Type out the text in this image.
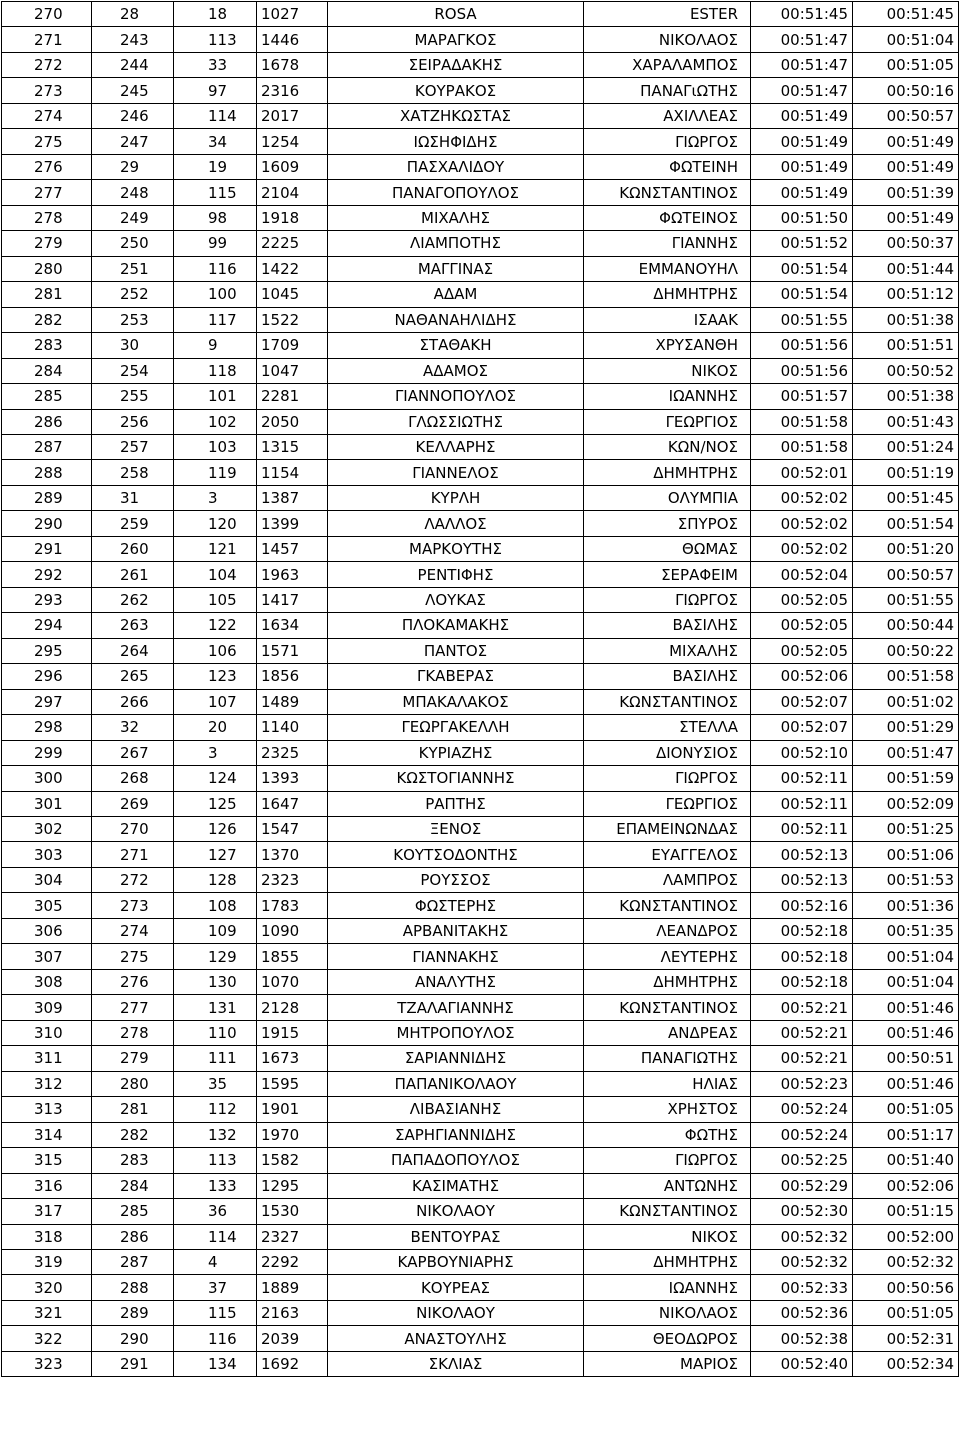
270	28	18	1027	ROSA	ESTER	00:51:45	00:51:45
271	243	113	1446	ΜΑΡΑΓΚΟΣ	ΝΙΚΟΛΑΟΣ	00:51:47	00:51:04
272	244	33	1678	ΣΕΙΡΑΔΑΚΗΣ	ΧΑΡΑΛΑΜΠΟΣ	00:51:47	00:51:05
273	245	97	2316	ΚΟΥΡΑΚΟΣ	ΠΑΝΑΓιΩΤΗΣ	00:51:47	00:50:16
274	246	114	2017	ΧΑΤΖΗΚΩΣΤΑΣ	ΑΧΙΛΛΕΑΣ	00:51:49	00:50:57
275	247	34	1254	ΙΩΣΗΦΙΔΗΣ	ΓΙΩΡΓΟΣ	00:51:49	00:51:49
276	29	19	1609	ΠΑΣΧΑΛΙΔΟΥ	ΦΩΤΕΙΝΗ	00:51:49	00:51:49
277	248	115	2104	ΠΑΝΑΓΟΠΟΥΛΟΣ	ΚΩΝΣΤΑΝΤΙΝΟΣ	00:51:49	00:51:39
278	249	98	1918	ΜΙΧΑΛΗΣ	ΦΩΤΕΙΝΟΣ	00:51:50	00:51:49
279	250	99	2225	ΛΙΑΜΠΟΤΗΣ	ΓΙΑΝΝΗΣ	00:51:52	00:50:37
280	251	116	1422	ΜΑΓΓΙΝΑΣ	ΕΜΜΑΝΟΥΗΛ	00:51:54	00:51:44
281	252	100	1045	ΑΔΑΜ	ΔΗΜΗΤΡΗΣ	00:51:54	00:51:12
282	253	117	1522	ΝΑΘΑΝΑΗΛΙΔΗΣ	ΙΣΑΑΚ	00:51:55	00:51:38
283	30	9	1709	ΣΤΑΘΑΚΗ	ΧΡΥΣΑΝΘΗ	00:51:56	00:51:51
284	254	118	1047	ΑΔΑΜΟΣ	ΝΙΚΟΣ	00:51:56	00:50:52
285	255	101	2281	ΓΙΑΝΝΟΠΟΥΛΟΣ	ΙΩΑΝΝΗΣ	00:51:57	00:51:38
286	256	102	2050	ΓΛΩΣΣΙΩΤΗΣ	ΓΕΩΡΓΙΟΣ	00:51:58	00:51:43
287	257	103	1315	ΚΕΛΛΑΡΗΣ	ΚΩΝ/ΝΟΣ	00:51:58	00:51:24
288	258	119	1154	ΓΙΑΝΝΕΛΟΣ	ΔΗΜΗΤΡΗΣ	00:52:01	00:51:19
289	31	3	1387	ΚΥΡΛΗ	ΟΛΥΜΠΙΑ	00:52:02	00:51:45
290	259	120	1399	ΛΑΛΛΟΣ	ΣΠΥΡΟΣ	00:52:02	00:51:54
291	260	121	1457	ΜΑΡΚΟΥΤΗΣ	ΘΩΜΑΣ	00:52:02	00:51:20
292	261	104	1963	ΡΕΝΤΙΦΗΣ	ΣΕΡΑΦΕΙΜ	00:52:04	00:50:57
293	262	105	1417	ΛΟΥΚΑΣ	ΓΙΩΡΓΟΣ	00:52:05	00:51:55
294	263	122	1634	ΠΛΟΚΑΜΑΚΗΣ	ΒΑΣΙΛΗΣ	00:52:05	00:50:44
295	264	106	1571	ΠΑΝΤΟΣ	ΜΙΧΑΛΗΣ	00:52:05	00:50:22
296	265	123	1856	ΓΚΑΒΕΡΑΣ	ΒΑΣΙΛΗΣ	00:52:06	00:51:58
297	266	107	1489	ΜΠΑΚΑΛΑΚΟΣ	ΚΩΝΣΤΑΝΤΙΝΟΣ	00:52:07	00:51:02
298	32	20	1140	ΓΕΩΡΓΑΚΕΛΛΗ	ΣΤΕΛΛΑ	00:52:07	00:51:29
299	267	3	2325	ΚΥΡΙΑΖΗΣ	ΔΙΟΝΥΣΙΟΣ	00:52:10	00:51:47
300	268	124	1393	ΚΩΣΤΟΓΙΑΝΝΗΣ	ΓΙΩΡΓΟΣ	00:52:11	00:51:59
301	269	125	1647	ΡΑΠΤΗΣ	ΓΕΩΡΓΙΟΣ	00:52:11	00:52:09
302	270	126	1547	ΞΕΝΟΣ	ΕΠΑΜΕΙΝΩΝΔΑΣ	00:52:11	00:51:25
303	271	127	1370	ΚΟΥΤΣΟΔΟΝΤΗΣ	ΕΥΑΓΓΕΛΟΣ	00:52:13	00:51:06
304	272	128	2323	ΡΟΥΣΣΟΣ	ΛΑΜΠΡΟΣ	00:52:13	00:51:53
305	273	108	1783	ΦΩΣΤΕΡΗΣ	ΚΩΝΣΤΑΝΤΙΝΟΣ	00:52:16	00:51:36
306	274	109	1090	ΑΡΒΑΝΙΤΑΚΗΣ	ΛΕΑΝΔΡΟΣ	00:52:18	00:51:35
307	275	129	1855	ΓΙΑΝΝΑΚΗΣ	ΛΕΥΤΕΡΗΣ	00:52:18	00:51:04
308	276	130	1070	ΑΝΑΛΥΤΗΣ	ΔΗΜΗΤΡΗΣ	00:52:18	00:51:04
309	277	131	2128	ΤΖΑΛΑΓΙΑΝΝΗΣ	ΚΩΝΣΤΑΝΤΙΝΟΣ	00:52:21	00:51:46
310	278	110	1915	ΜΗΤΡΟΠΟΥΛΟΣ	ΑΝΔΡΕΑΣ	00:52:21	00:51:46
311	279	111	1673	ΣΑΡΙΑΝΝΙΔΗΣ	ΠΑΝΑΓΙΩΤΗΣ	00:52:21	00:50:51
312	280	35	1595	ΠΑΠΑΝΙΚΟΛΑΟΥ	ΗΛΙΑΣ	00:52:23	00:51:46
313	281	112	1901	ΛΙΒΑΣΙΑΝΗΣ	ΧΡΗΣΤΟΣ	00:52:24	00:51:05
314	282	132	1970	ΣΑΡΗΓΙΑΝΝΙΔΗΣ	ΦΩΤΗΣ	00:52:24	00:51:17
315	283	113	1582	ΠΑΠΑΔΟΠΟΥΛΟΣ	ΓΙΩΡΓΟΣ	00:52:25	00:51:40
316	284	133	1295	ΚΑΣΙΜΑΤΗΣ	ΑΝΤΩΝΗΣ	00:52:29	00:52:06
317	285	36	1530	ΝΙΚΟΛΑΟΥ	ΚΩΝΣΤΑΝΤΙΝΟΣ	00:52:30	00:51:15
318	286	114	2327	ΒΕΝΤΟΥΡΑΣ	ΝΙΚΟΣ	00:52:32	00:52:00
319	287	4	2292	ΚΑΡΒΟΥΝΙΑΡΗΣ	ΔΗΜΗΤΡΗΣ	00:52:32	00:52:32
320	288	37	1889	ΚΟΥΡΕΑΣ	ΙΩΑΝΝΗΣ	00:52:33	00:50:56
321	289	115	2163	ΝΙΚΟΛΑΟΥ	ΝΙΚΟΛΑΟΣ	00:52:36	00:51:05
322	290	116	2039	ΑΝΑΣΤΟΥΛΗΣ	ΘΕΟΔΩΡΟΣ	00:52:38	00:52:31
323	291	134	1692	ΣΚΛΙΑΣ	ΜΑΡΙΟΣ	00:52:40	00:52:34
